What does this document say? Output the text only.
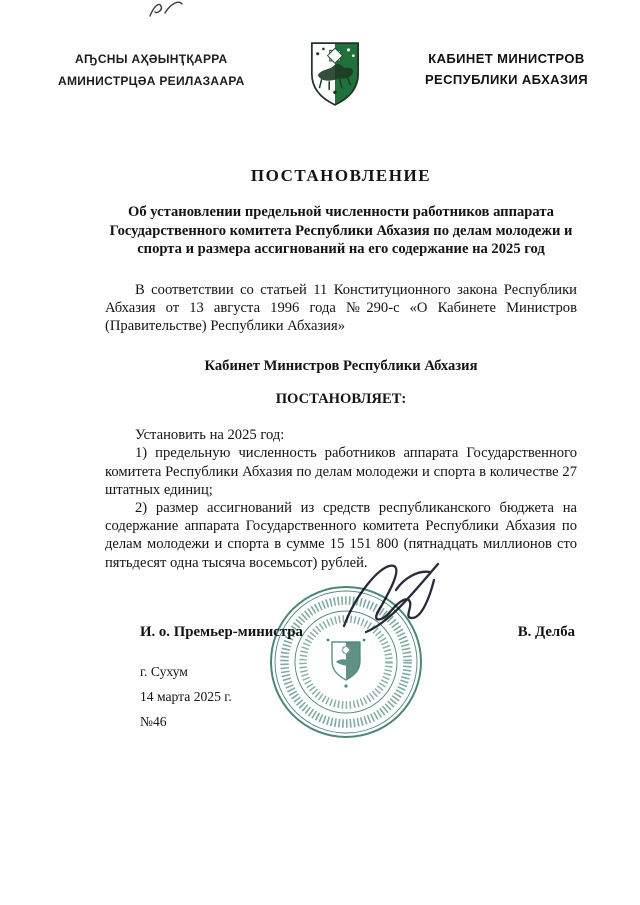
АҦСНЫ АҲӘЫНҬҚАРРА
АМИНИСТРЦӘА РЕИЛАЗААРА
КАБИНЕТ МИНИСТРОВ
РЕСПУБЛИКИ АБХАЗИЯ
ПОСТАНОВЛЕНИЕ

Об установлении предельной численности работников аппарата Государственного комитета Республики Абхазия по делам молодежи и спорта и размера ассигнований на его содержание на 2025 год

В соответствии со статьей 11 Конституционного закона Республики Абхазия от 13 августа 1996 года №290-с «О Кабинете Министров (Правительстве) Республики Абхазия»

Кабинет Министров Республики Абхазия

ПОСТАНОВЛЯЕТ:

Установить на 2025 год:

1) предельную численность работников аппарата Государственного комитета Республики Абхазия по делам молодежи и спорта в количестве 27 штатных единиц;

2) размер ассигнований из средств республиканского бюджета на содержание аппарата Государственного комитета Республики Абхазия по делам молодежи и спорта в сумме 15 151 800 (пятнадцать миллионов сто пятьдесят одна тысяча восемьсот) рублей.

И. о. Премьер-министра	В. Делба
г. Сухум
14 марта 2025 г.
№46
